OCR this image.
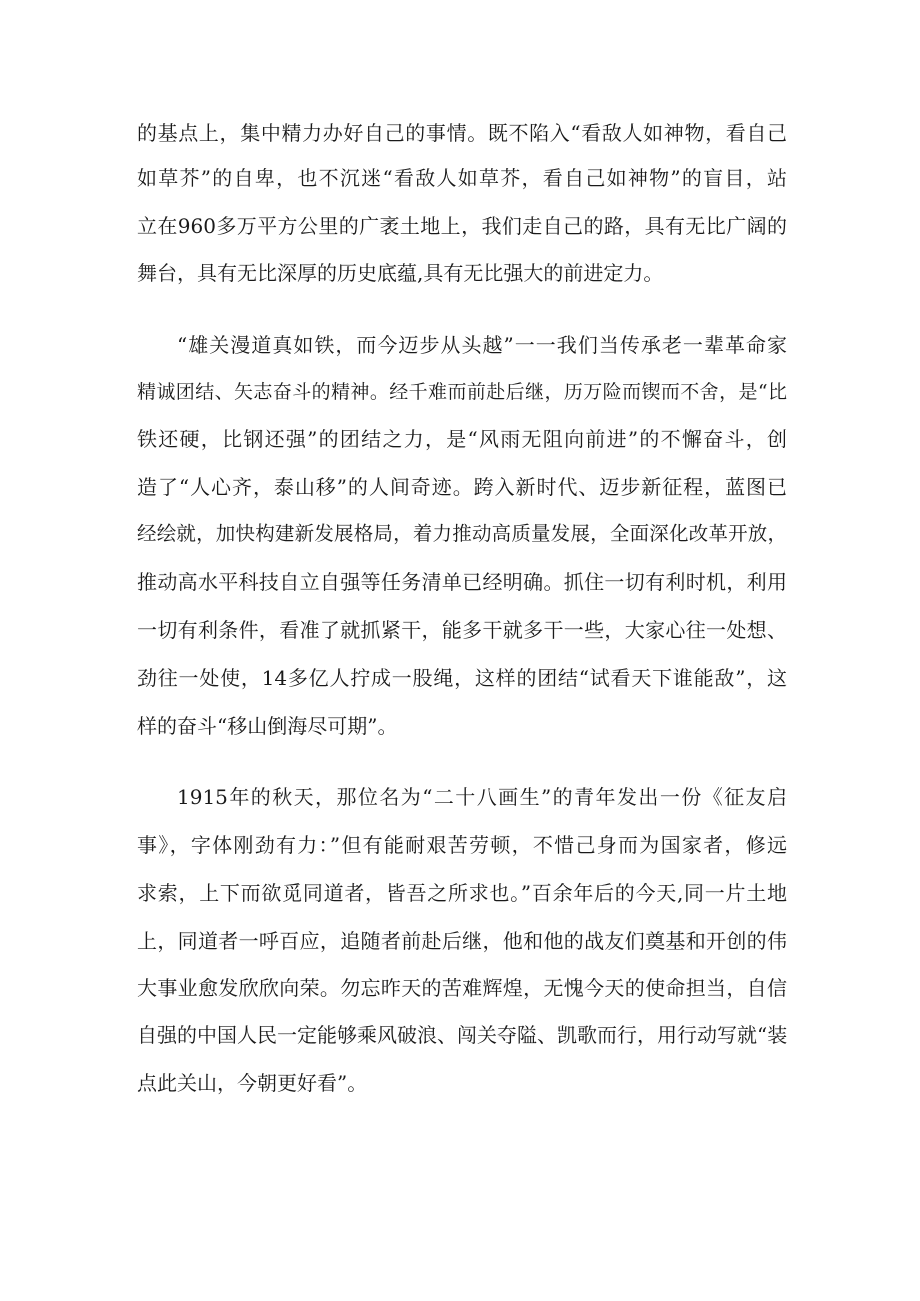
的基点上，集中精力办好自己的事情。既不陷入“看敌人如神物，看自己
如草芥”的自卑，也不沉迷“看敌人如草芥，看自己如神物”的盲目，站
立在960多万平方公里的广袤土地上，我们走自己的路，具有无比广阔的
舞台，具有无比深厚的历史底蕴,具有无比强大的前进定力。
“雄关漫道真如铁，而今迈步从头越”一一我们当传承老一辈革命家
精诚团结、矢志奋斗的精神。经千难而前赴后继，历万险而锲而不舍，是“比
铁还硬，比钢还强”的团结之力，是“风雨无阻向前进”的不懈奋斗，创
造了“人心齐，泰山移”的人间奇迹。跨入新时代、迈步新征程，蓝图已
经绘就，加快构建新发展格局，着力推动高质量发展，全面深化改革开放，
推动高水平科技自立自强等任务清单已经明确。抓住一切有利时机，利用
一切有利条件，看准了就抓紧干，能多干就多干一些，大家心往一处想、
劲往一处使，14多亿人拧成一股绳，这样的团结“试看天下谁能敌”，这
样的奋斗“移山倒海尽可期”。
1915年的秋天，那位名为“二十八画生”的青年发出一份《征友启
事》，字体刚劲有力：”但有能耐艰苦劳顿，不惜己身而为国家者，修远
求索，上下而欲觅同道者，皆吾之所求也。”百余年后的今天,同一片土地
上，同道者一呼百应，追随者前赴后继，他和他的战友们奠基和开创的伟
大事业愈发欣欣向荣。勿忘昨天的苦难辉煌，无愧今天的使命担当，自信
自强的中国人民一定能够乘风破浪、闯关夺隘、凯歌而行，用行动写就“装
点此关山，今朝更好看”。
